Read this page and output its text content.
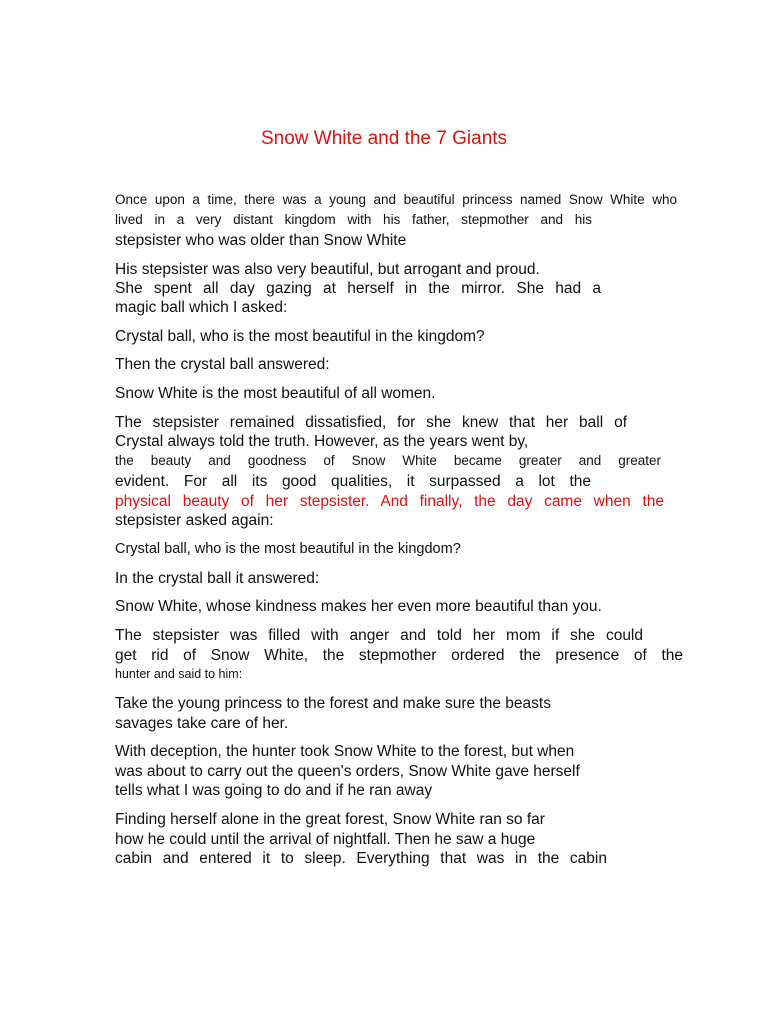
Snow White and the 7 Giants
Once upon a time, there was a young and beautiful princess named Snow White who
lived in a very distant kingdom with his father, stepmother and his
stepsister who was older than Snow White
His stepsister was also very beautiful, but arrogant and proud.
She spent all day gazing at herself in the mirror. She had a
magic ball which I asked:
Crystal ball, who is the most beautiful in the kingdom?
Then the crystal ball answered:
Snow White is the most beautiful of all women.
The stepsister remained dissatisfied, for she knew that her ball of
Crystal always told the truth. However, as the years went by,
the beauty and goodness of Snow White became greater and greater
evident. For all its good qualities, it surpassed a lot the
physical beauty of her stepsister. And finally, the day came when the
stepsister asked again:
Crystal ball, who is the most beautiful in the kingdom?
In the crystal ball it answered:
Snow White, whose kindness makes her even more beautiful than you.
The stepsister was filled with anger and told her mom if she could
get rid of Snow White, the stepmother ordered the presence of the
hunter and said to him:
Take the young princess to the forest and make sure the beasts
savages take care of her.
With deception, the hunter took Snow White to the forest, but when
was about to carry out the queen's orders, Snow White gave herself
tells what I was going to do and if he ran away
Finding herself alone in the great forest, Snow White ran so far
how he could until the arrival of nightfall. Then he saw a huge
cabin and entered it to sleep. Everything that was in the cabin
